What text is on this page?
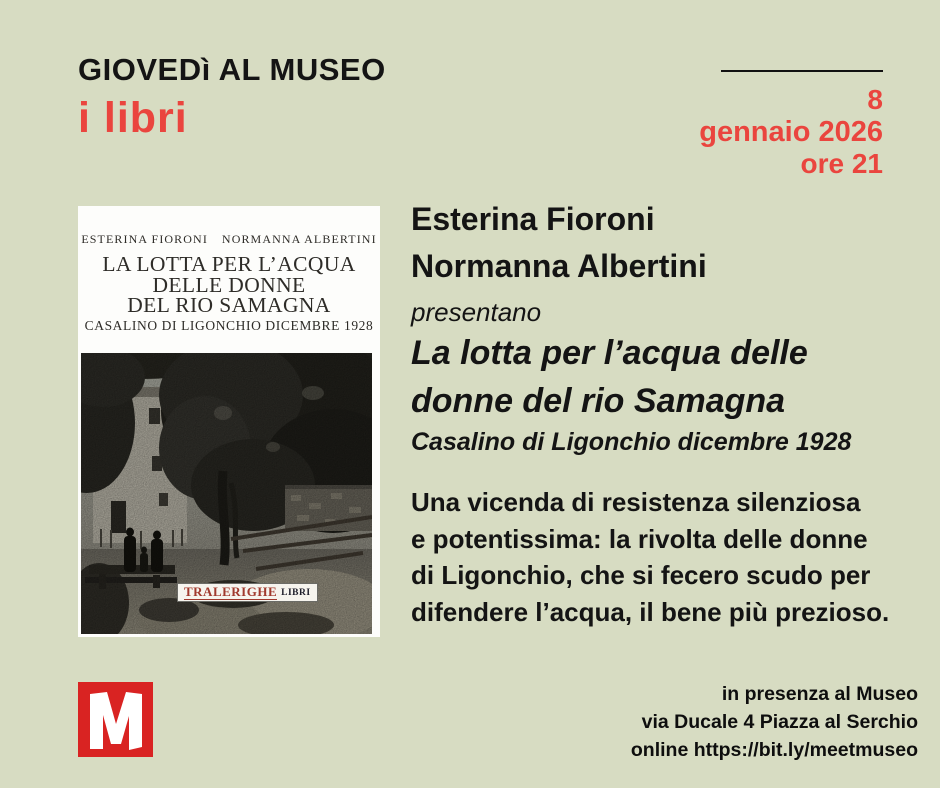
GIOVEDì AL MUSEO
i libri	8
gennaio 2026
ore 21
ESTERINA FIORONI NORMANNA ALBERTINI
LA LOTTA PER L’ACQUA
DELLE DONNE
DEL RIO SAMAGNA
CASALINO DI LIGONCHIO DICEMBRE 1928
TRALERIGHE LIBRI
Esterina Fioroni
Normanna Albertini
presentano
La lotta per l’acqua delle
donne del rio Samagna
Casalino di Ligonchio dicembre 1928
Una vicenda di resistenza silenziosa
e potentissima: la rivolta delle donne
di Ligonchio, che si fecero scudo per
difendere l’acqua, il bene più prezioso.
in presenza al Museo
via Ducale 4 Piazza al Serchio
online https://bit.ly/meetmuseo
